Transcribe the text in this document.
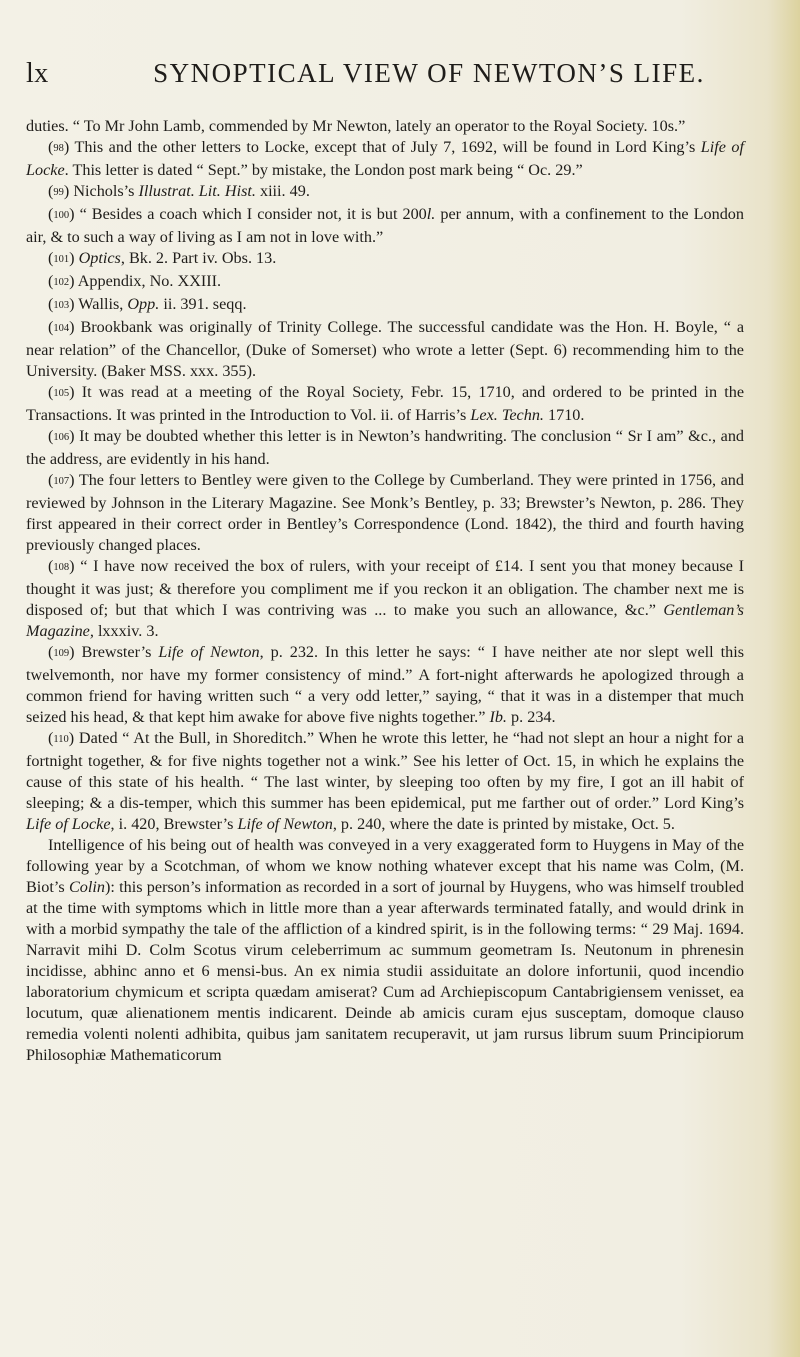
lx	SYNOPTICAL VIEW OF NEWTON’S LIFE.

duties. “ To Mr John Lamb, commended by Mr Newton, lately an operator to the Royal Society. 10s.”

(98) This and the other letters to Locke, except that of July 7, 1692, will be found in Lord King’s Life of Locke. This letter is dated “ Sept.” by mistake, the London post mark being “ Oc. 29.”

(99) Nichols’s Illustrat. Lit. Hist. xiii. 49.

(100) “ Besides a coach which I consider not, it is but 200l. per annum, with a confinement to the London air, & to such a way of living as I am not in love with.”

(101) Optics, Bk. 2. Part iv. Obs. 13.

(102) Appendix, No. XXIII.

(103) Wallis, Opp. ii. 391. seqq.

(104) Brookbank was originally of Trinity College. The successful candidate was the Hon. H. Boyle, “ a near relation” of the Chancellor, (Duke of Somerset) who wrote a letter (Sept. 6) recommending him to the University. (Baker MSS. xxx. 355).

(105) It was read at a meeting of the Royal Society, Febr. 15, 1710, and ordered to be printed in the Transactions. It was printed in the Introduction to Vol. ii. of Harris’s Lex. Techn. 1710.

(106) It may be doubted whether this letter is in Newton’s handwriting. The conclusion “ Sr I am” &c., and the address, are evidently in his hand.

(107) The four letters to Bentley were given to the College by Cumberland. They were printed in 1756, and reviewed by Johnson in the Literary Magazine. See Monk’s Bentley, p. 33; Brewster’s Newton, p. 286. They first appeared in their correct order in Bentley’s Correspondence (Lond. 1842), the third and fourth having previously changed places.

(108) “ I have now received the box of rulers, with your receipt of £14. I sent you that money because I thought it was just; & therefore you compliment me if you reckon it an obligation. The chamber next me is disposed of; but that which I was contriving was ... to make you such an allowance, &c.” Gentleman’s Magazine, lxxxiv. 3.

(109) Brewster’s Life of Newton, p. 232. In this letter he says: “ I have neither ate nor slept well this twelvemonth, nor have my former consistency of mind.” A fort-night afterwards he apologized through a common friend for having written such “ a very odd letter,” saying, “ that it was in a distemper that much seized his head, & that kept him awake for above five nights together.” Ib. p. 234.

(110) Dated “ At the Bull, in Shoreditch.” When he wrote this letter, he “had not slept an hour a night for a fortnight together, & for five nights together not a wink.” See his letter of Oct. 15, in which he explains the cause of this state of his health. “ The last winter, by sleeping too often by my fire, I got an ill habit of sleeping; & a dis-temper, which this summer has been epidemical, put me farther out of order.” Lord King’s Life of Locke, i. 420, Brewster’s Life of Newton, p. 240, where the date is printed by mistake, Oct. 5.

Intelligence of his being out of health was conveyed in a very exaggerated form to Huygens in May of the following year by a Scotchman, of whom we know nothing whatever except that his name was Colm, (M. Biot’s Colin): this person’s information as recorded in a sort of journal by Huygens, who was himself troubled at the time with symptoms which in little more than a year afterwards terminated fatally, and would drink in with a morbid sympathy the tale of the affliction of a kindred spirit, is in the following terms: “ 29 Maj. 1694. Narravit mihi D. Colm Scotus virum celeberrimum ac summum geometram Is. Neutonum in phrenesin incidisse, abhinc anno et 6 mensi-bus. An ex nimia studii assiduitate an dolore infortunii, quod incendio laboratorium chymicum et scripta quædam amiserat? Cum ad Archiepiscopum Cantabrigiensem venisset, ea locutum, quæ alienationem mentis indicarent. Deinde ab amicis curam ejus susceptam, domoque clauso remedia volenti nolenti adhibita, quibus jam sanitatem recuperavit, ut jam rursus librum suum Principiorum Philosophiæ Mathematicorum
